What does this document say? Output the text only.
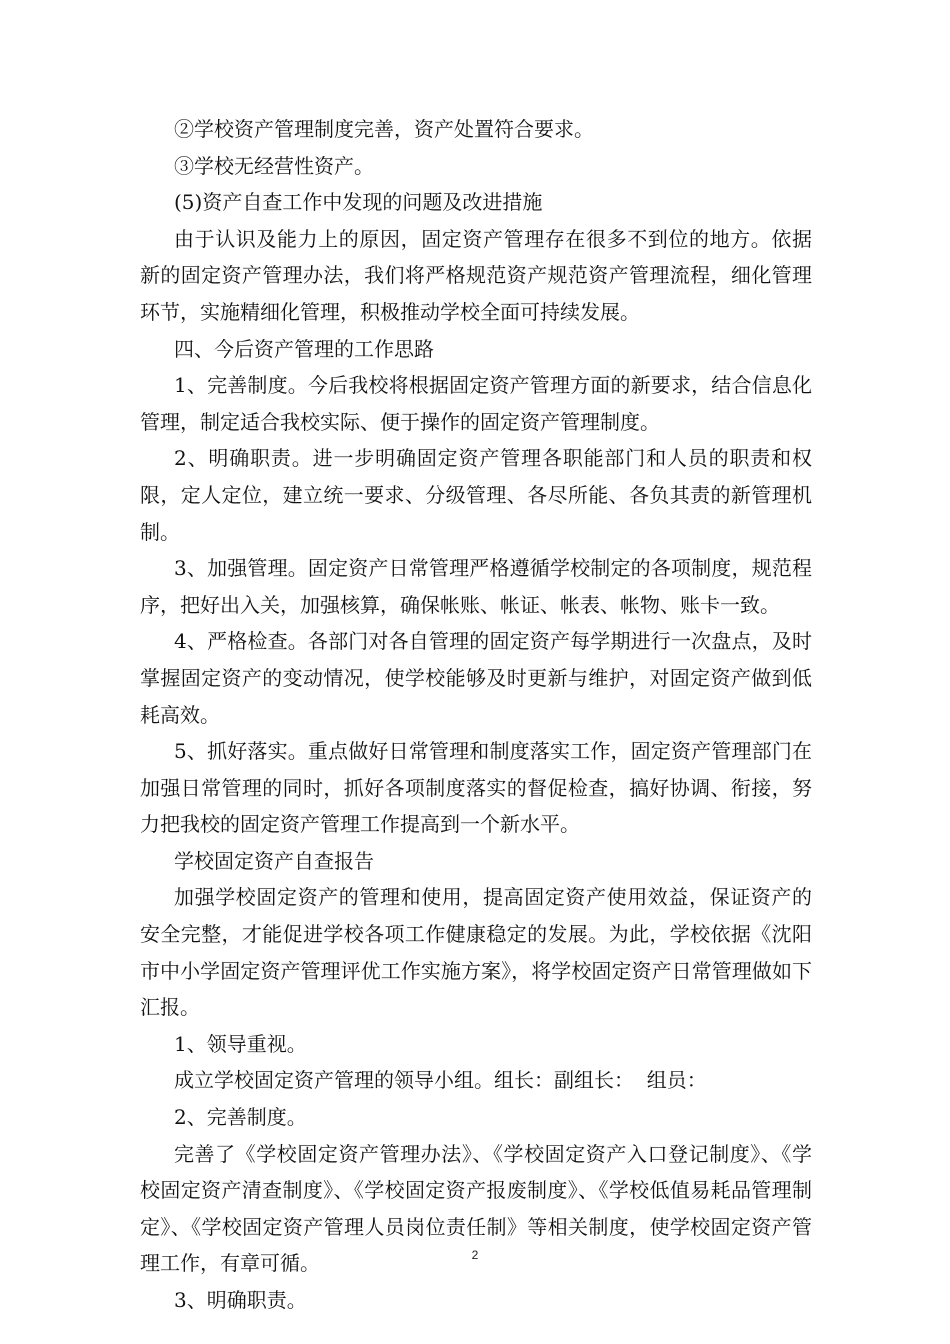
②学校资产管理制度完善，资产处置符合要求。

③学校无经营性资产。

(5)资产自查工作中发现的问题及改进措施

由于认识及能力上的原因，固定资产管理存在很多不到位的地方。依据新的固定资产管理办法，我们将严格规范资产规范资产管理流程，细化管理环节，实施精细化管理，积极推动学校全面可持续发展。

四、今后资产管理的工作思路

1、完善制度。今后我校将根据固定资产管理方面的新要求，结合信息化管理，制定适合我校实际、便于操作的固定资产管理制度。

2、明确职责。进一步明确固定资产管理各职能部门和人员的职责和权限，定人定位，建立统一要求、分级管理、各尽所能、各负其责的新管理机制。

3、加强管理。固定资产日常管理严格遵循学校制定的各项制度，规范程序，把好出入关，加强核算，确保帐账、帐证、帐表、帐物、账卡一致。

4、严格检查。各部门对各自管理的固定资产每学期进行一次盘点，及时掌握固定资产的变动情况，使学校能够及时更新与维护，对固定资产做到低耗高效。

5、抓好落实。重点做好日常管理和制度落实工作，固定资产管理部门在加强日常管理的同时，抓好各项制度落实的督促检查，搞好协调、衔接，努力把我校的固定资产管理工作提高到一个新水平。

学校固定资产自查报告

加强学校固定资产的管理和使用，提高固定资产使用效益，保证资产的安全完整，才能促进学校各项工作健康稳定的发展。为此，学校依据《沈阳市中小学固定资产管理评优工作实施方案》，将学校固定资产日常管理做如下汇报。

1、领导重视。

成立学校固定资产管理的领导小组。组长：副组长：  组员：

2、完善制度。

完善了《学校固定资产管理办法》、《学校固定资产入口登记制度》、《学校固定资产清查制度》、《学校固定资产报废制度》、《学校低值易耗品管理制定》、《学校固定资产管理人员岗位责任制》等相关制度，使学校固定资产管理工作，有章可循。

3、明确职责。

2
